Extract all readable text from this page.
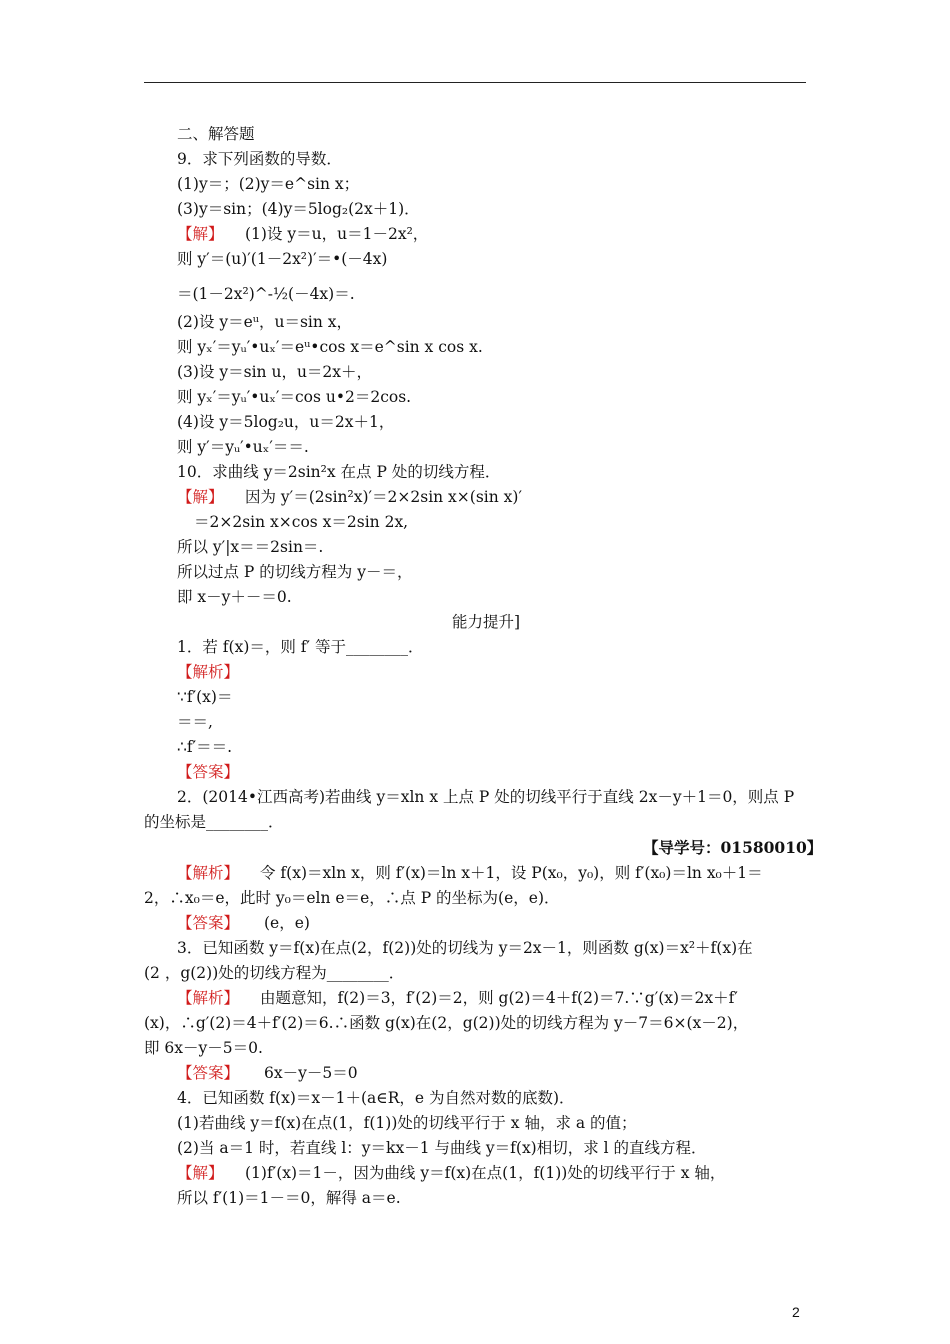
二、解答题
9．求下列函数的导数．
(1)y＝；(2)y＝e^sin x；
(3)y＝sin；(4)y＝5log₂(2x＋1)．
【解】 (1)设 y＝u，u＝1－2x²，
则 y′＝(u)′(1－2x²)′＝•(－4x)
＝(1－2x²)^-½(－4x)＝.
(2)设 y＝eᵘ，u＝sin x，
则 yₓ′＝yᵤ′•uₓ′＝eᵘ•cos x＝e^sin x cos x.
(3)设 y＝sin u，u＝2x＋，
则 yₓ′＝yᵤ′•uₓ′＝cos u•2＝2cos.
(4)设 y＝5log₂u，u＝2x＋1，
则 y′＝yᵤ′•uₓ′＝＝.
10．求曲线 y＝2sin²x 在点 P 处的切线方程．
【解】 因为 y′＝(2sin²x)′＝2×2sin x×(sin x)′
＝2×2sin x×cos x＝2sin 2x,
所以 y′|x＝＝2sin＝.
所以过点 P 的切线方程为 y－＝，
即 x－y＋－＝0.
能力提升]
1．若 f(x)＝，则 f′ 等于________．
【解析】
∵f′(x)＝
＝＝,
∴f′＝＝.
【答案】
2．(2014•江西高考)若曲线 y＝xln x 上点 P 处的切线平行于直线 2x－y＋1＝0，则点 P
的坐标是________．
【导学号：01580010】
【解析】 令 f(x)＝xln x，则 f′(x)＝ln x＋1，设 P(x₀，y₀)，则 f′(x₀)＝ln x₀＋1＝
2，∴x₀＝e，此时 y₀＝eln e＝e，∴点 P 的坐标为(e，e)．
【答案】 (e，e)
3．已知函数 y＝f(x)在点(2，f(2))处的切线为 y＝2x－1，则函数 g(x)＝x²＋f(x)在
(2 ，g(2))处的切线方程为________．
【解析】 由题意知，f(2)＝3，f′(2)＝2，则 g(2)＝4＋f(2)＝7.∵g′(x)＝2x＋f′
(x)，∴g′(2)＝4＋f′(2)＝6.∴函数 g(x)在(2，g(2))处的切线方程为 y－7＝6×(x－2)，
即 6x－y－5＝0.
【答案】 6x－y－5＝0
4．已知函数 f(x)＝x－1＋(a∈R，e 为自然对数的底数)．
(1)若曲线 y＝f(x)在点(1，f(1))处的切线平行于 x 轴，求 a 的值；
(2)当 a＝1 时，若直线 l：y＝kx－1 与曲线 y＝f(x)相切，求 l 的直线方程．
【解】 (1)f′(x)＝1－，因为曲线 y＝f(x)在点(1，f(1))处的切线平行于 x 轴，
所以 f′(1)＝1－＝0，解得 a＝e.
2
